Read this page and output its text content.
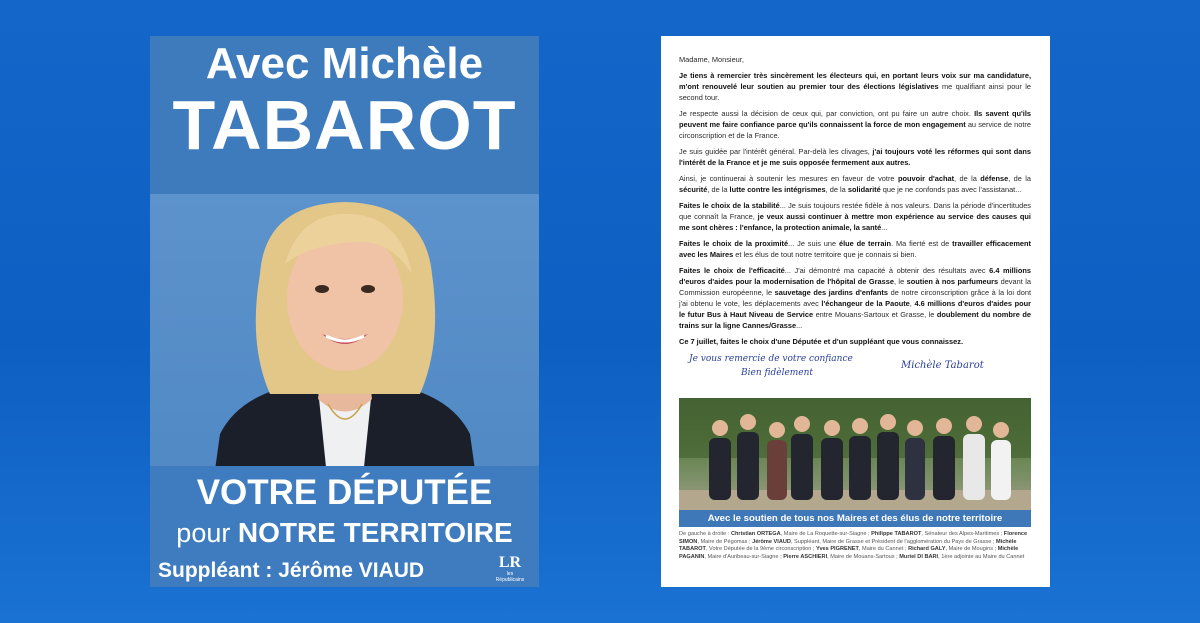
Avec Michèle
TABAROT
VOTRE DÉPUTÉE
pour NOTRE TERRITOIRE
Suppléant : Jérôme VIAUD	LR
les
Républicains

Madame, Monsieur,

Je tiens à remercier très sincèrement les électeurs qui, en portant leurs voix sur ma candidature, m'ont renouvelé leur soutien au premier tour des élections législatives me qualifiant ainsi pour le second tour.

Je respecte aussi la décision de ceux qui, par conviction, ont pu faire un autre choix. Ils savent qu'ils peuvent me faire confiance parce qu'ils connaissent la force de mon engagement au service de notre circonscription et de la France.

Je suis guidée par l'intérêt général. Par-delà les clivages, j'ai toujours voté les réformes qui sont dans l'intérêt de la France et je me suis opposée fermement aux autres.

Ainsi, je continuerai à soutenir les mesures en faveur de votre pouvoir d'achat, de la défense, de la sécurité, de la lutte contre les intégrismes, de la solidarité que je ne confonds pas avec l'assistanat...

Faites le choix de la stabilité... Je suis toujours restée fidèle à nos valeurs. Dans la période d'incertitudes que connaît la France, je veux aussi continuer à mettre mon expérience au service des causes qui me sont chères : l'enfance, la protection animale, la santé...

Faites le choix de la proximité... Je suis une élue de terrain. Ma fierté est de travailler efficacement avec les Maires et les élus de tout notre territoire que je connais si bien.

Faites le choix de l'efficacité... J'ai démontré ma capacité à obtenir des résultats avec 6.4 millions d'euros d'aides pour la modernisation de l'hôpital de Grasse, le soutien à nos parfumeurs devant la Commission européenne, le sauvetage des jardins d'enfants de notre circonscription grâce à la loi dont j'ai obtenu le vote, les déplacements avec l'échangeur de la Paoute, 4.6 millions d'euros d'aides pour le futur Bus à Haut Niveau de Service entre Mouans-Sartoux et Grasse, le doublement du nombre de trains sur la ligne Cannes/Grasse...

Ce 7 juillet, faites le choix d'une Députée et d'un suppléant que vous connaissez.

Je vous remercie de votre confiance
Bien fidèlement
Michèle Tabarot
Avec le soutien de tous nos Maires et des élus de notre territoire
De gauche à droite : Christian ORTEGA, Maire de La Roquette-sur-Siagne ; Philippe TABAROT, Sénateur des Alpes-Maritimes ; Florence SIMON, Maire de Pégomas ; Jérôme VIAUD, Suppléant, Maire de Grasse et Président de l'agglomération du Pays de Grasse ; Michèle TABAROT, Votre Députée de la 9ème circonscription ; Yves PIGRENET, Maire du Cannet ; Richard GALY, Maire de Mougins ; Michèle PAGANIN, Maire d'Auribeau-sur-Siagne ; Pierre ASCHIERI, Maire de Mouans-Sartoux ; Muriel DI BARI, 1ère adjointe au Maire du Cannet
